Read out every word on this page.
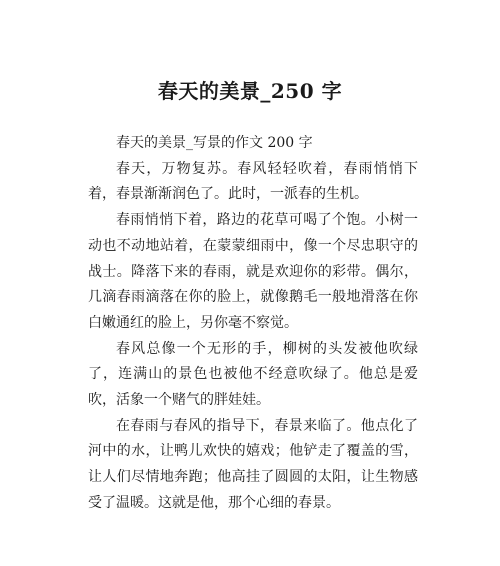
春天的美景_250 字

春天的美景_写景的作文 200 字

春天，万物复苏。春风轻轻吹着，春雨悄悄下着，春景渐渐润色了。此时，一派春的生机。

春雨悄悄下着，路边的花草可喝了个饱。小树一动也不动地站着，在蒙蒙细雨中，像一个尽忠职守的战士。降落下来的春雨，就是欢迎你的彩带。偶尔，几滴春雨滴落在你的脸上，就像鹅毛一般地滑落在你白嫩通红的脸上，另你毫不察觉。

春风总像一个无形的手，柳树的头发被他吹绿了，连满山的景色也被他不经意吹绿了。他总是爱吹，活象一个赌气的胖娃娃。

在春雨与春风的指导下，春景来临了。他点化了河中的水，让鸭儿欢快的嬉戏；他铲走了覆盖的雪，让人们尽情地奔跑；他高挂了圆圆的太阳，让生物感受了温暖。这就是他，那个心细的春景。
